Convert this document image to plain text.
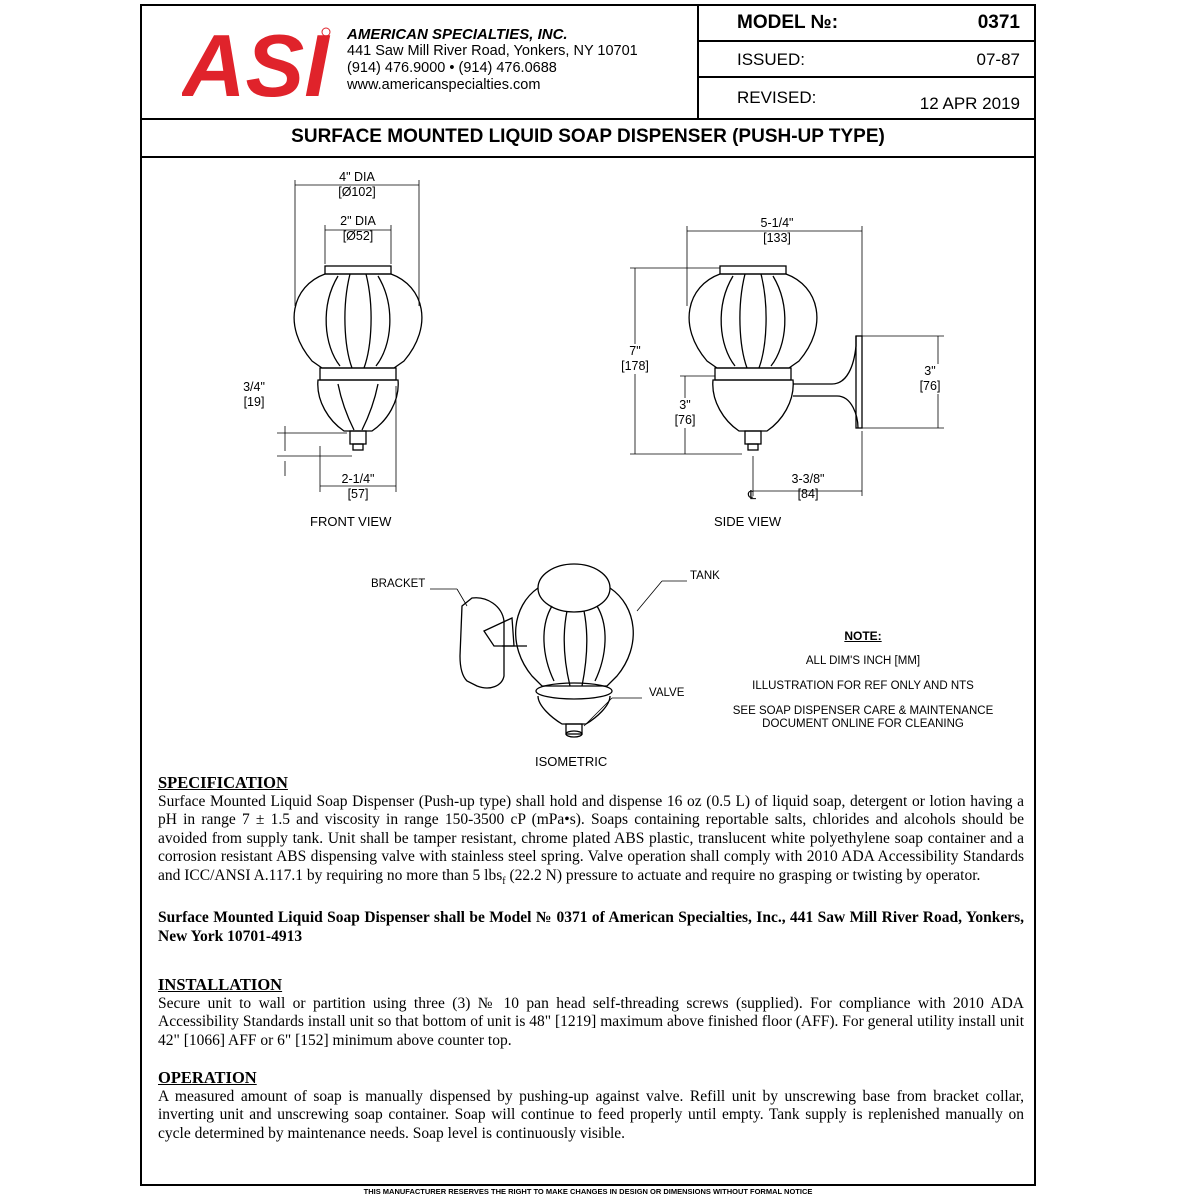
ASI AMERICAN SPECIALTIES, INC.
441 Saw Mill River Road, Yonkers, NY 10701
(914) 476.9000 • (914) 476.0688
www.americanspecialties.com
MODEL №:	0371
ISSUED:	07-87
REVISED:	12 APR 2019
SURFACE MOUNTED LIQUID SOAP DISPENSER (PUSH-UP TYPE)
4" DIA
[Ø102]
2" DIA
[Ø52]
3/4"
[19]
2-1/4"
[57]
FRONT VIEW
5-1/4"
[133]
7"
[178]
3"
[76]
3"
[76]
3-3/8"
[84]
℄
SIDE VIEW
BRACKET
TANK
VALVE
ISOMETRIC
NOTE:
ALL DIM'S INCH [MM]
ILLUSTRATION FOR REF ONLY AND NTS
SEE SOAP DISPENSER CARE & MAINTENANCE
DOCUMENT ONLINE FOR CLEANING
SPECIFICATION
Surface Mounted Liquid Soap Dispenser (Push-up type) shall hold and dispense 16 oz (0.5 L) of liquid soap, detergent or lotion having a pH in range 7 ± 1.5 and viscosity in range 150-3500 cP (mPa•s). Soaps containing reportable salts, chlorides and alcohols should be avoided from supply tank. Unit shall be tamper resistant, chrome plated ABS plastic, translucent white polyethylene soap container and a corrosion resistant ABS dispensing valve with stainless steel spring. Valve operation shall comply with 2010 ADA Accessibility Standards and ICC/ANSI A.117.1 by requiring no more than 5 lbs$_f$ (22.2 N) pressure to actuate and require no grasping or twisting by operator.
Surface Mounted Liquid Soap Dispenser shall be Model № 0371 of American Specialties, Inc., 441 Saw Mill River Road, Yonkers, New York 10701-4913
INSTALLATION
Secure unit to wall or partition using three (3) № 10 pan head self-threading screws (supplied). For compliance with 2010 ADA Accessibility Standards install unit so that bottom of unit is 48" [1219] maximum above finished floor (AFF). For general utility install unit 42" [1066] AFF or 6" [152] minimum above counter top.
OPERATION
A measured amount of soap is manually dispensed by pushing-up against valve. Refill unit by unscrewing base from bracket collar, inverting unit and unscrewing soap container. Soap will continue to feed properly until empty. Tank supply is replenished manually on cycle determined by maintenance needs. Soap level is continuously visible.
THIS MANUFACTURER RESERVES THE RIGHT TO MAKE CHANGES IN DESIGN OR DIMENSIONS WITHOUT FORMAL NOTICE
